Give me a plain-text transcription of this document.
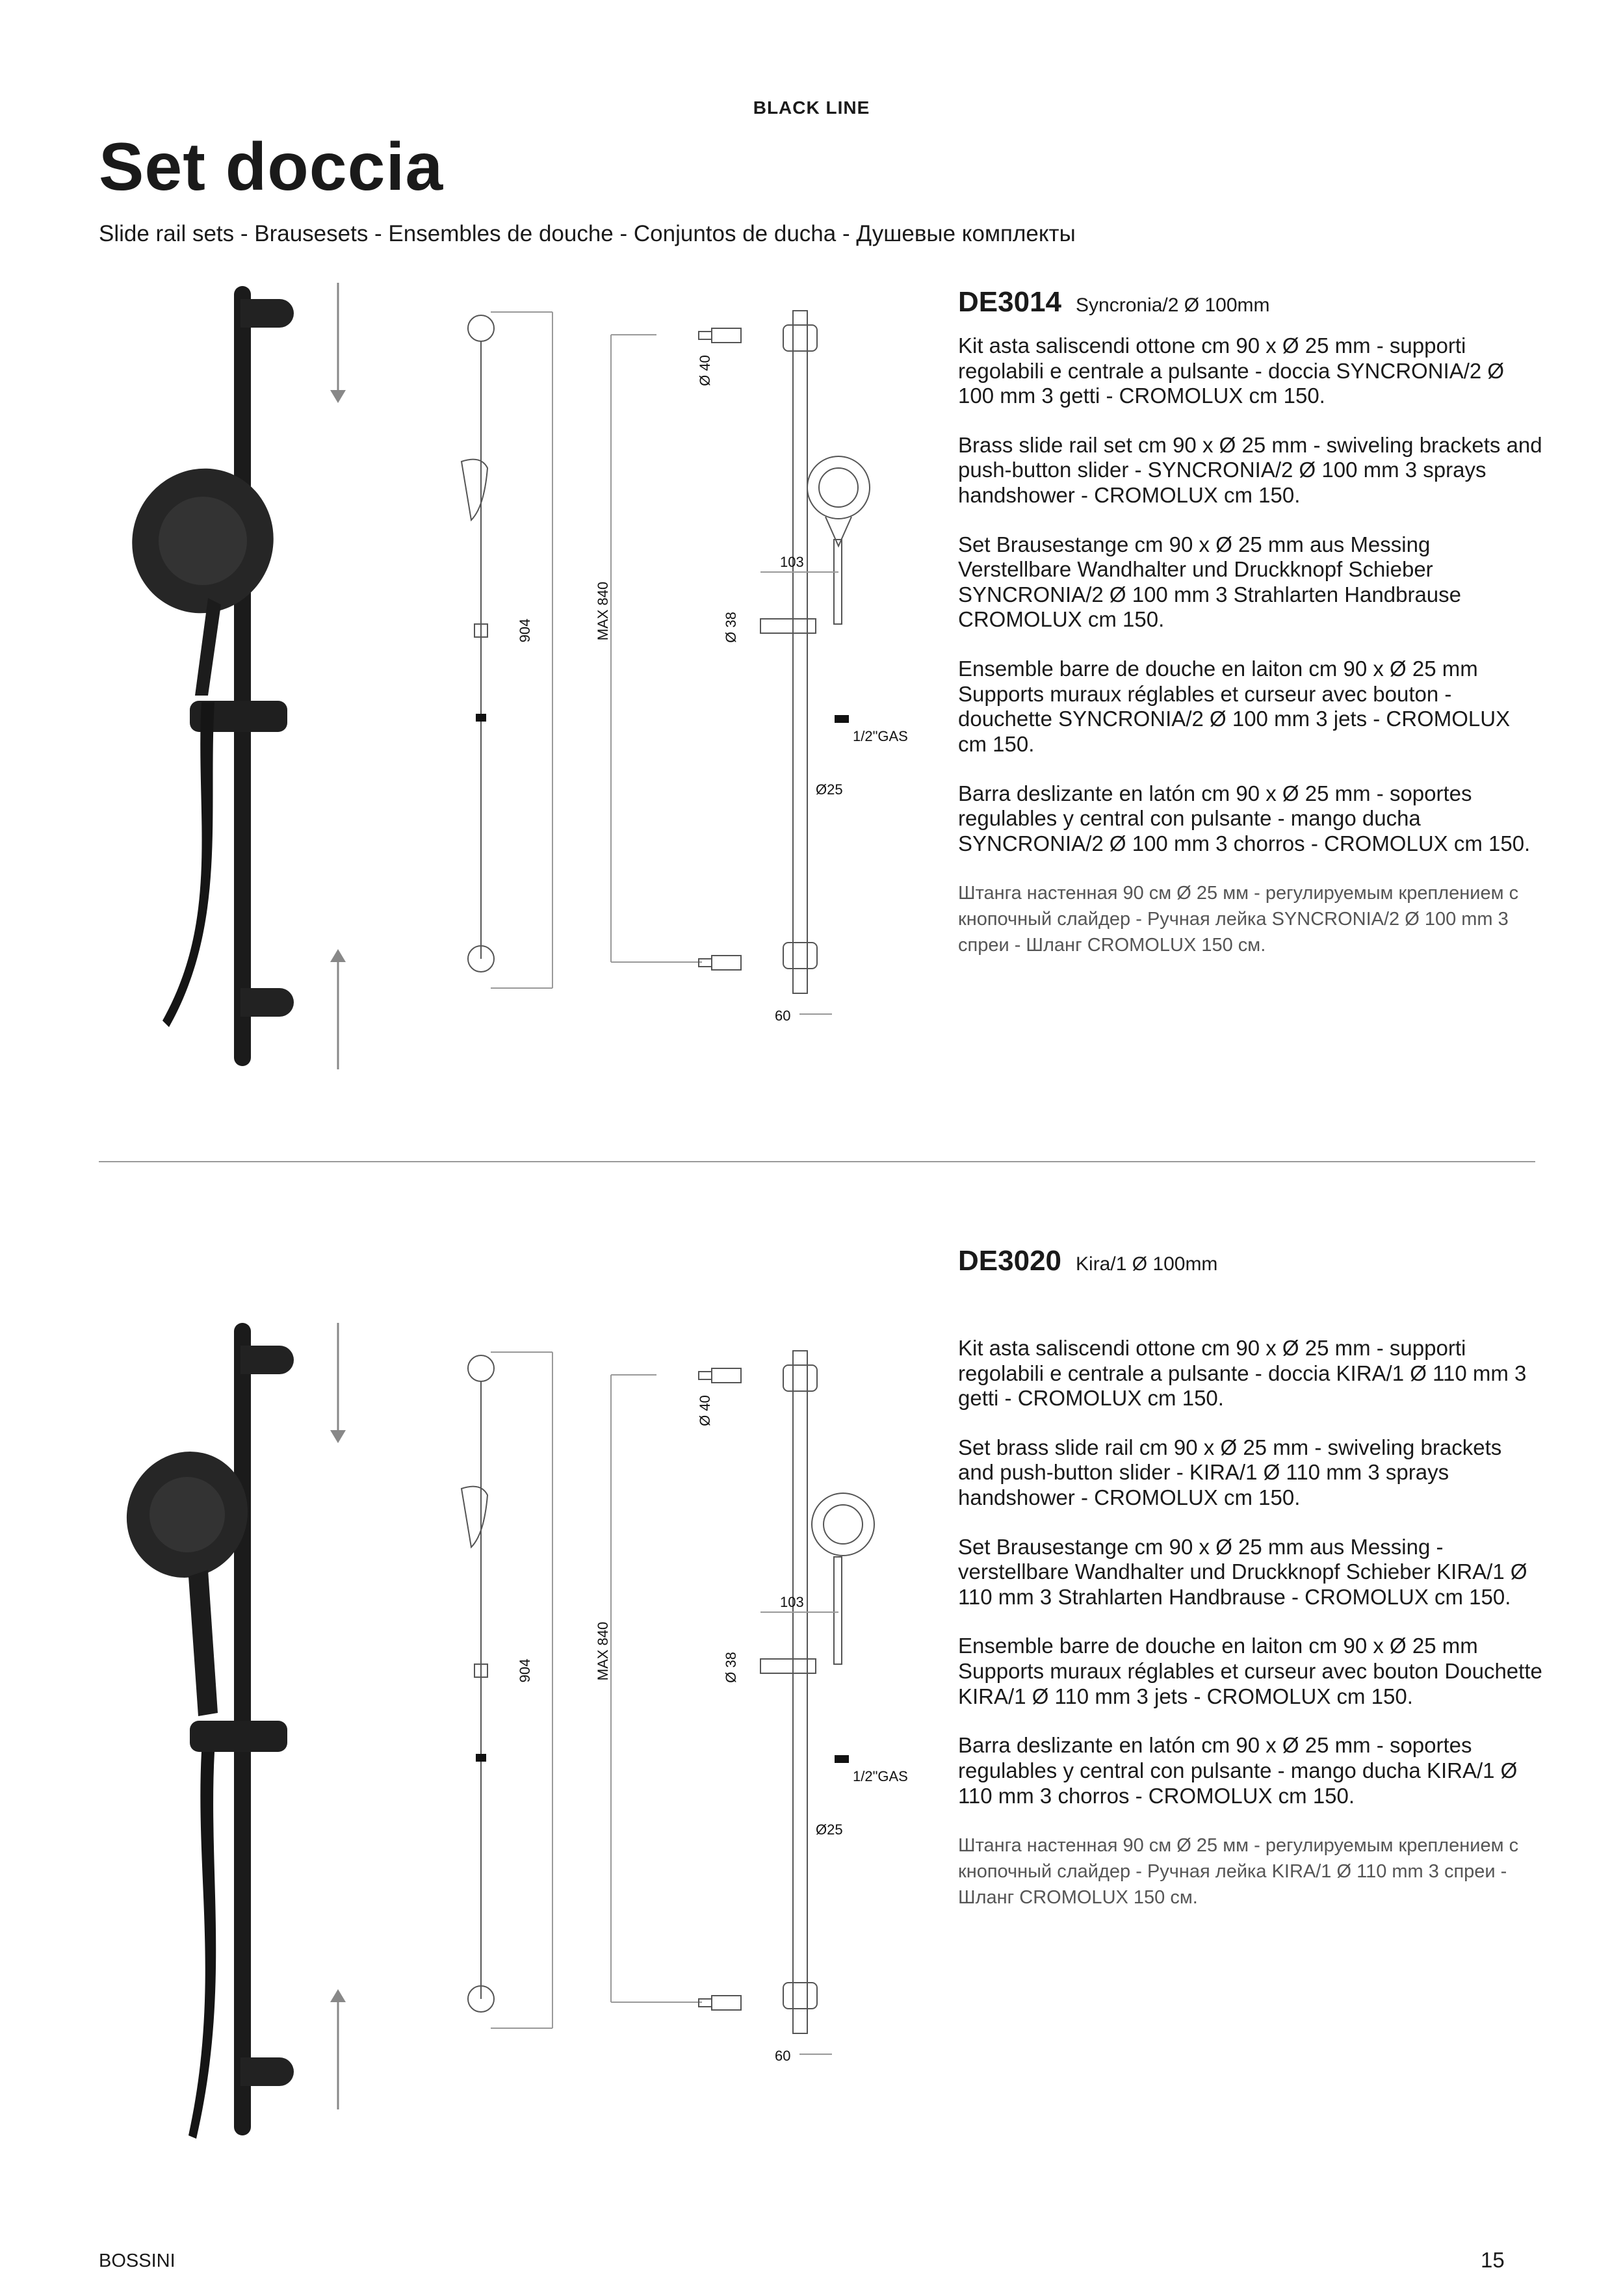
BLACK LINE
Set doccia
Slide rail sets - Brausesets - Ensembles de douche - Conjuntos de ducha - Душевые комплекты
DE3014 Syncronia/2 Ø 100mm

Kit asta saliscendi ottone cm 90 x Ø 25 mm - supporti regolabili e centrale a pulsante - doccia SYNCRONIA/2 Ø 100 mm 3 getti - CROMOLUX cm 150.

Brass slide rail set cm 90 x Ø 25 mm - swiveling brackets and push-button slider - SYNCRONIA/2 Ø 100 mm 3 sprays handshower - CROMOLUX cm 150.

Set Brausestange cm 90 x Ø 25 mm aus Messing Verstellbare Wandhalter und Druckknopf Schieber SYNCRONIA/2 Ø 100 mm 3 Strahlarten Handbrause CROMOLUX cm 150.

Ensemble barre de douche en laiton cm 90 x Ø 25 mm Supports muraux réglables et curseur avec bouton - douchette SYNCRONIA/2 Ø 100 mm 3 jets - CROMOLUX cm 150.

Barra deslizante en latón cm 90 x Ø 25 mm - soportes regulables y central con pulsante - mango ducha SYNCRONIA/2 Ø 100 mm 3 chorros - CROMOLUX cm 150.

Штанга настенная 90 см Ø 25 мм - регулируемым креплением с кнопочный слайдер - Ручная лейка SYNCRONIA/2 Ø 100 mm 3 спреи - Шланг CROMOLUX 150 см.

904	MAX 840
Ø 40
103
Ø 38
1/2"GAS
Ø25
60
DE3020 Kira/1 Ø 100mm

Kit asta saliscendi ottone cm 90 x Ø 25 mm - supporti regolabili e centrale a pulsante - doccia KIRA/1 Ø 110 mm 3 getti - CROMOLUX cm 150.

Set brass slide rail cm 90 x Ø 25 mm - swiveling brackets and push-button slider - KIRA/1 Ø 110 mm 3 sprays handshower - CROMOLUX cm 150.

Set Brausestange cm 90 x Ø 25 mm aus Messing - verstellbare Wandhalter und Druckknopf Schieber KIRA/1 Ø 110 mm 3 Strahlarten Handbrause - CROMOLUX cm 150.

Ensemble barre de douche en laiton cm 90 x Ø 25 mm Supports muraux réglables et curseur avec bouton Douchette KIRA/1 Ø 110 mm 3 jets - CROMOLUX cm 150.

Barra deslizante en latón cm 90 x Ø 25 mm - soportes regulables y central con pulsante - mango ducha KIRA/1 Ø 110 mm 3 chorros - CROMOLUX cm 150.

Штанга настенная 90 см Ø 25 мм - регулируемым креплением с кнопочный слайдер - Ручная лейка KIRA/1 Ø 110 mm 3 спреи - Шланг CROMOLUX 150 см.

904	MAX 840
Ø 40
103
Ø 38
1/2"GAS
Ø25
60
BOSSINI	15
